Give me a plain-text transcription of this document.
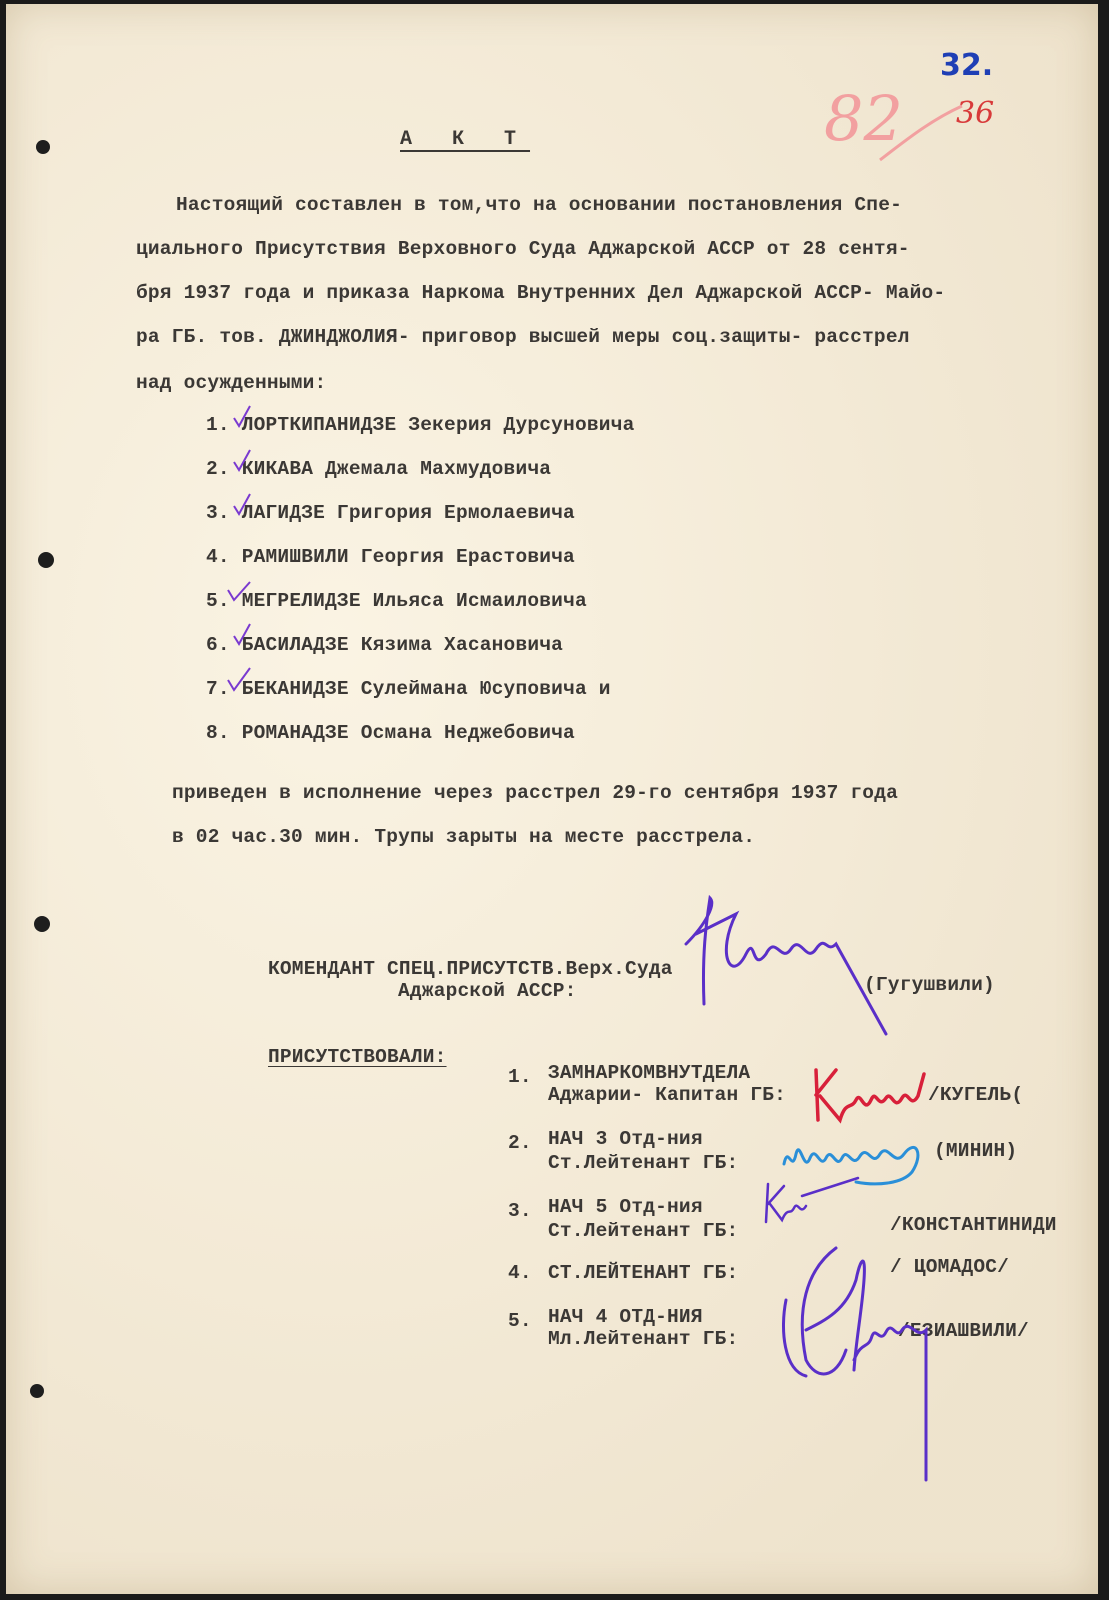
32.
36
82
А К Т
Настоящий составлен в том,что на основании постановления Спе-
циального Присутствия Верховного Суда Аджарской АССР от 28 сентя-
бря 1937 года и приказа Наркома Внутренних Дел Аджарской АССР- Майо-
ра ГБ. тов. ДЖИНДЖОЛИЯ- приговор высшей меры соц.защиты- расстрел
над осужденными:
1. ЛОРТКИПАНИДЗЕ Зекерия Дурсуновича
2. КИКАВА Джемала Махмудовича
3. ЛАГИДЗЕ Григория Ермолаевича
4. РАМИШВИЛИ Георгия Ерастовича
5. МЕГРЕЛИДЗЕ Ильяса Исмаиловича
6. БАСИЛАДЗЕ Кязима Хасановича
7. БЕКАНИДЗЕ Сулеймана Юсуповича и
8. РОМАНАДЗЕ Османа Неджебовича
приведен в исполнение через расстрел 29-го сентября 1937 года
в 02 час.30 мин. Трупы зарыты на месте расстрела.
КОМЕНДАНТ СПЕЦ.ПРИСУТСТВ.Верх.Суда
Аджарской АССР:	(Гугушвили)
ПРИСУТСТВОВАЛИ:
1. ЗАМНАРКОМВНУТДЕЛА
Аджарии- Капитан ГБ:	/КУГЕЛЬ(
2. НАЧ 3 Отд-ния
Ст.Лейтенант ГБ:
(МИНИН)
3. НАЧ 5 Отд-ния
Ст.Лейтенант ГБ:	/КОНСТАНТИНИДИ
4. СТ.ЛЕЙТЕНАНТ ГБ:	/ ЦОМАДОС/
5. НАЧ 4 ОТД-НИЯ
Мл.Лейтенант ГБ:	/ЕЗИАШВИЛИ/
